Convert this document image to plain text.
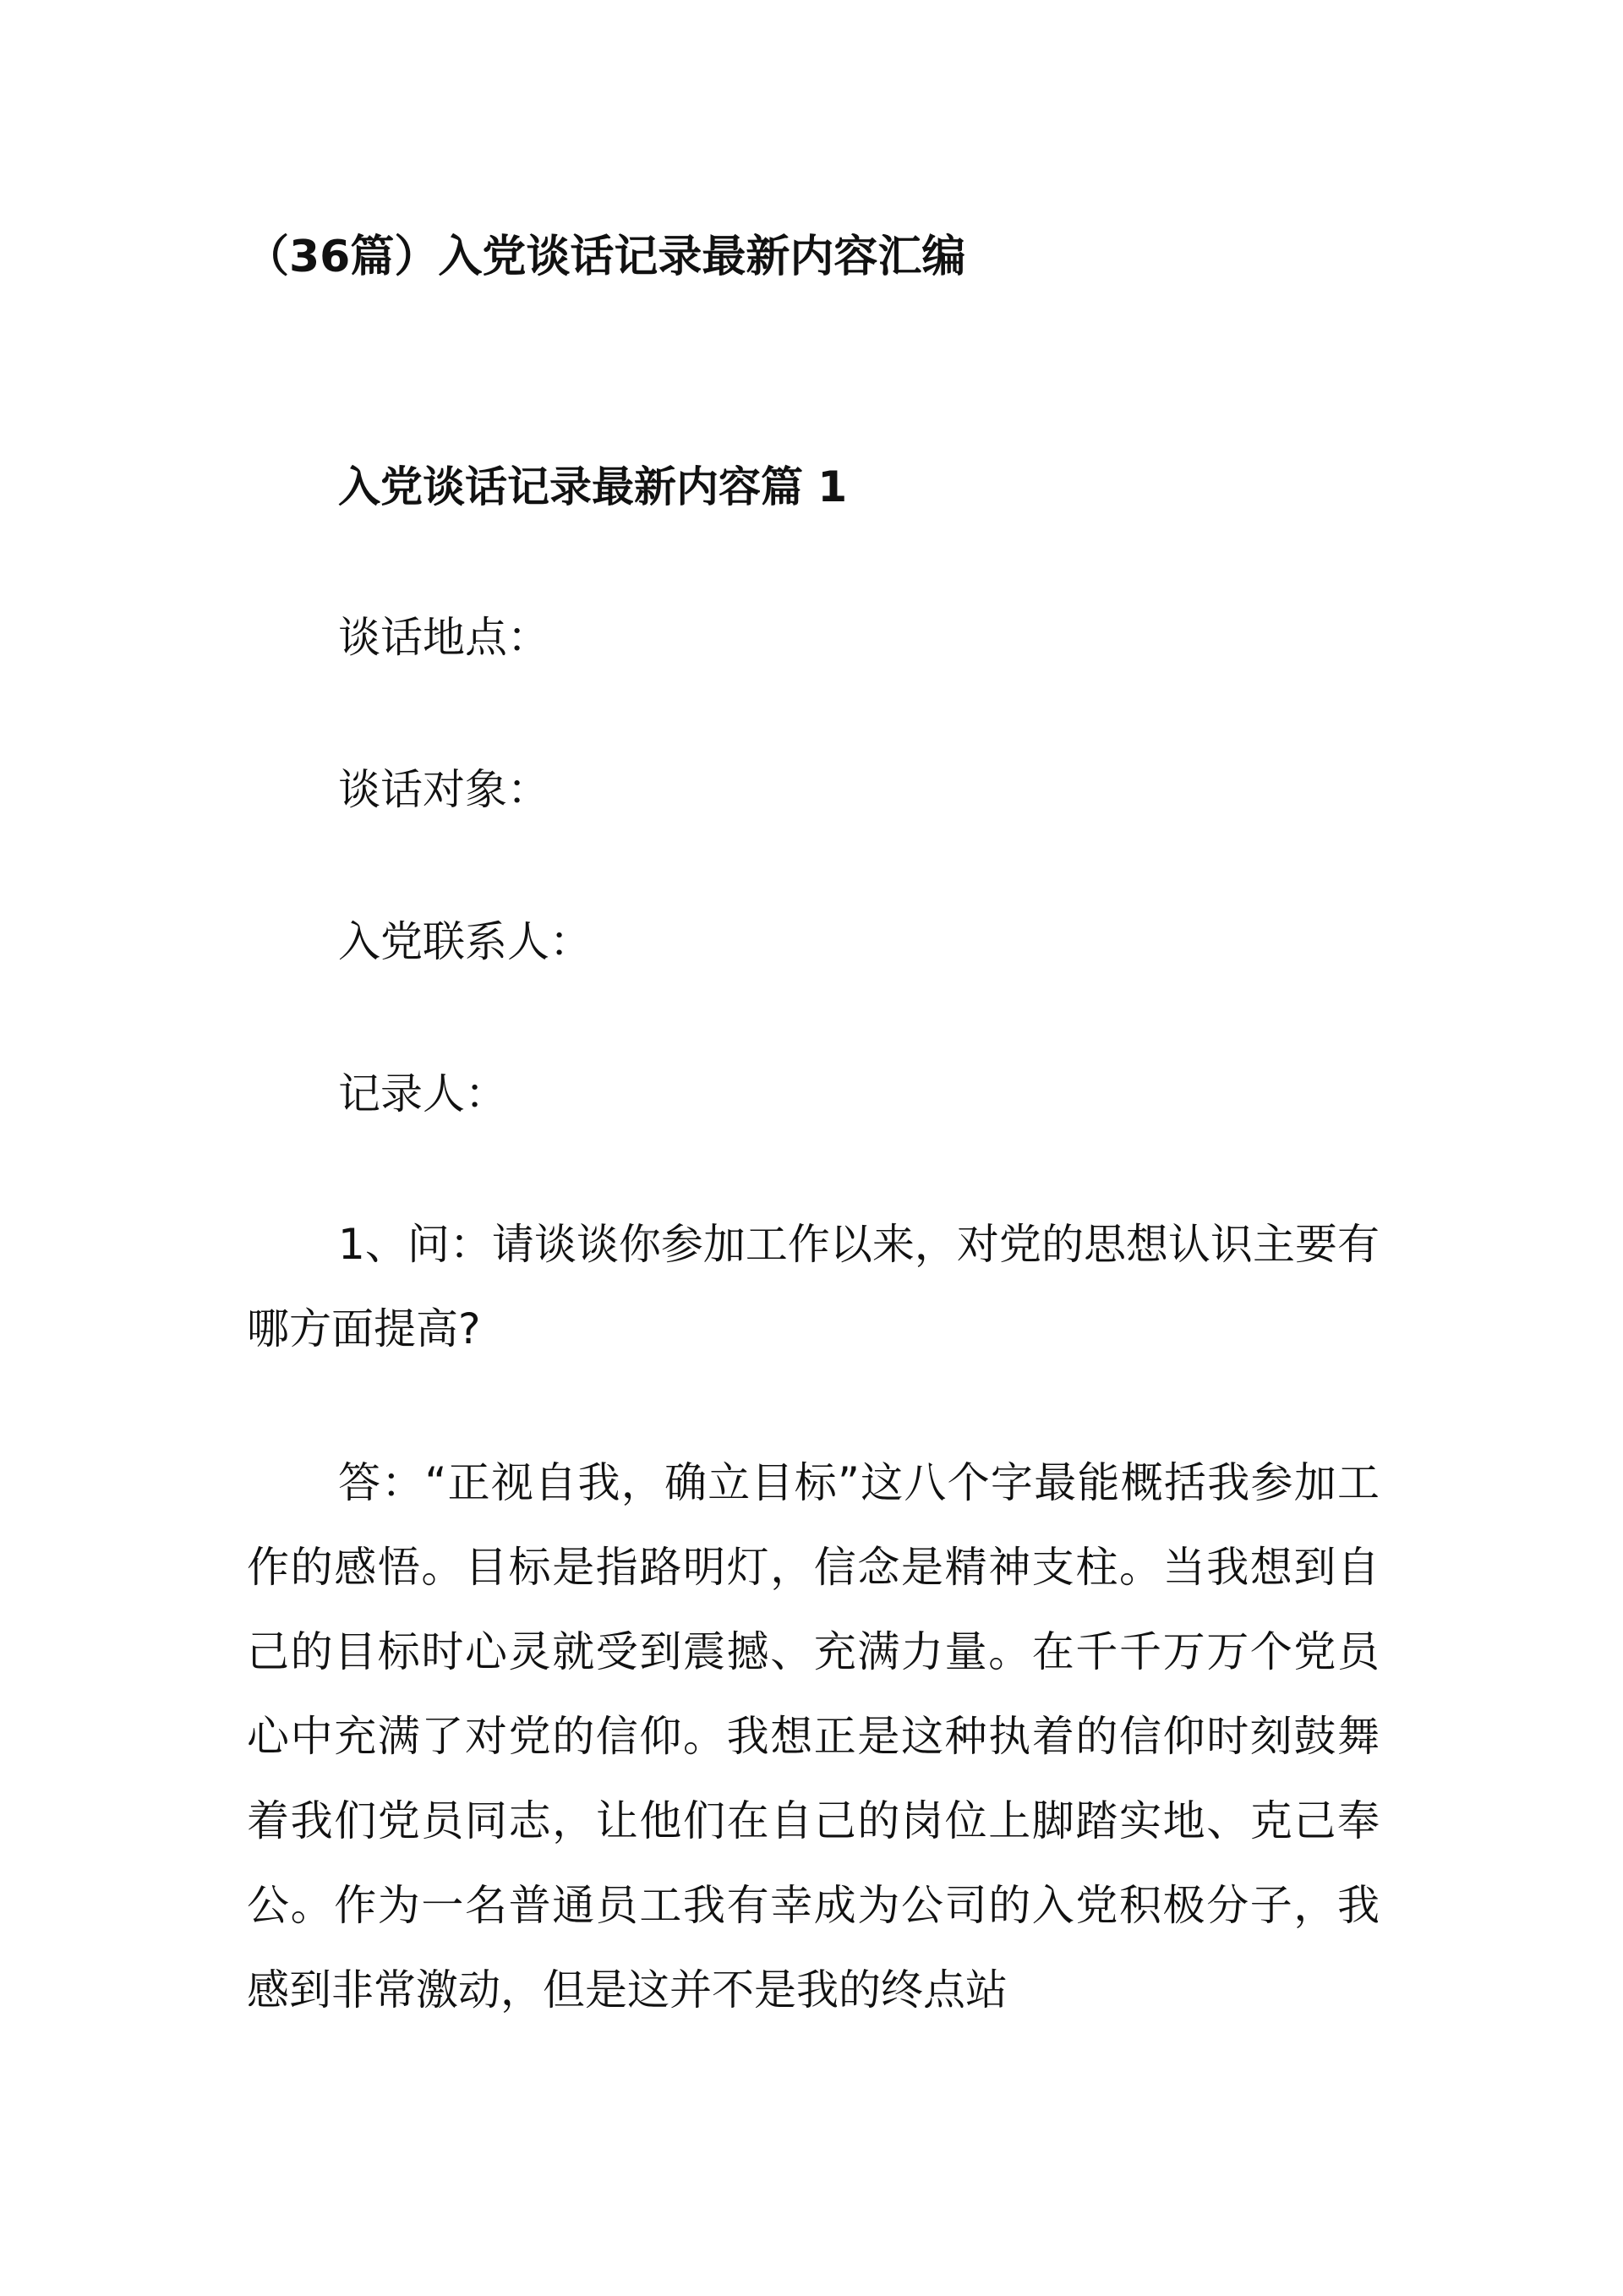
（36篇）入党谈话记录最新内容汇编
入党谈话记录最新内容篇 1
谈话地点：
谈话对象：
入党联系人：
记录人：
1、问：请谈谈你参加工作以来，对党的思想认识主要有哪方面提高?
答：“正视自我，确立目标”这八个字最能概括我参加工作的感悟。目标是指路明灯，信念是精神支柱。当我想到自己的目标时心灵就受到震撼、充满力量。在千千万万个党员心中充满了对党的信仰。我想正是这种执着的信仰时刻鼓舞着我们党员同志，让他们在自己的岗位上脚踏实地、克己奉公。作为一名普通员工我有幸成为公司的入党积极分子，我感到非常激动，但是这并不是我的终点站
